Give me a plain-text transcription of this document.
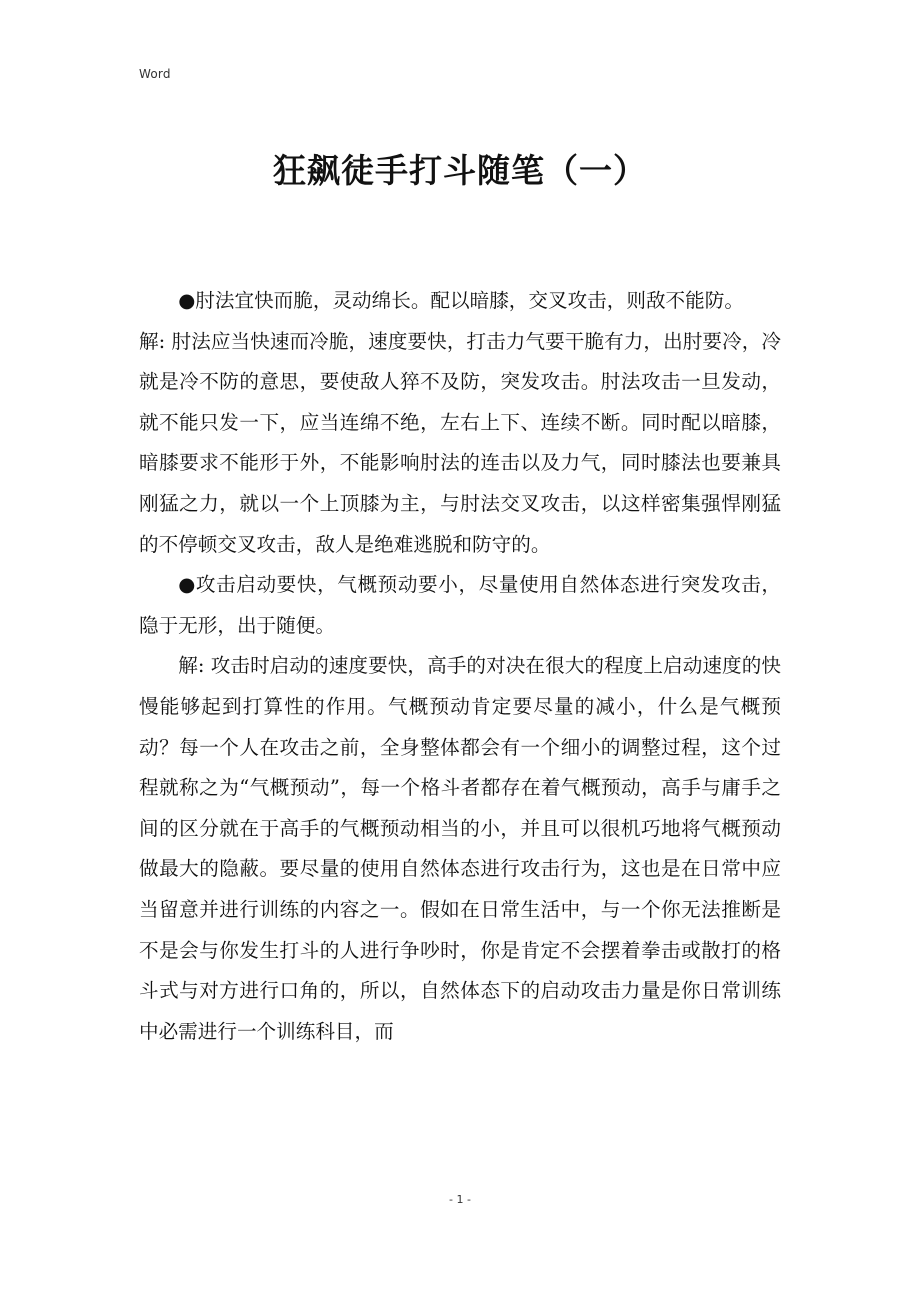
Word
狂飙徒手打斗随笔（一）

●肘法宜快而脆，灵动绵长。配以暗膝，交叉攻击，则敌不能防。

解: 肘法应当快速而冷脆，速度要快，打击力气要干脆有力，出肘要冷，冷就是冷不防的意思，要使敌人猝不及防，突发攻击。肘法攻击一旦发动，就不能只发一下，应当连绵不绝，左右上下、连续不断。同时配以暗膝，暗膝要求不能形于外，不能影响肘法的连击以及力气，同时膝法也要兼具刚猛之力，就以一个上顶膝为主，与肘法交叉攻击，以这样密集强悍刚猛的不停顿交叉攻击，敌人是绝难逃脱和防守的。

●攻击启动要快，气概预动要小，尽量使用自然体态进行突发攻击，隐于无形，出于随便。

解: 攻击时启动的速度要快，高手的对决在很大的程度上启动速度的快慢能够起到打算性的作用。气概预动肯定要尽量的减小，什么是气概预动？每一个人在攻击之前，全身整体都会有一个细小的调整过程，这个过程就称之为“气概预动”，每一个格斗者都存在着气概预动，高手与庸手之间的区分就在于高手的气概预动相当的小，并且可以很机巧地将气概预动做最大的隐蔽。要尽量的使用自然体态进行攻击行为，这也是在日常中应当留意并进行训练的内容之一。假如在日常生活中，与一个你无法推断是不是会与你发生打斗的人进行争吵时，你是肯定不会摆着拳击或散打的格斗式与对方进行口角的，所以，自然体态下的启动攻击力量是你日常训练中必需进行一个训练科目，而

- 1 -
